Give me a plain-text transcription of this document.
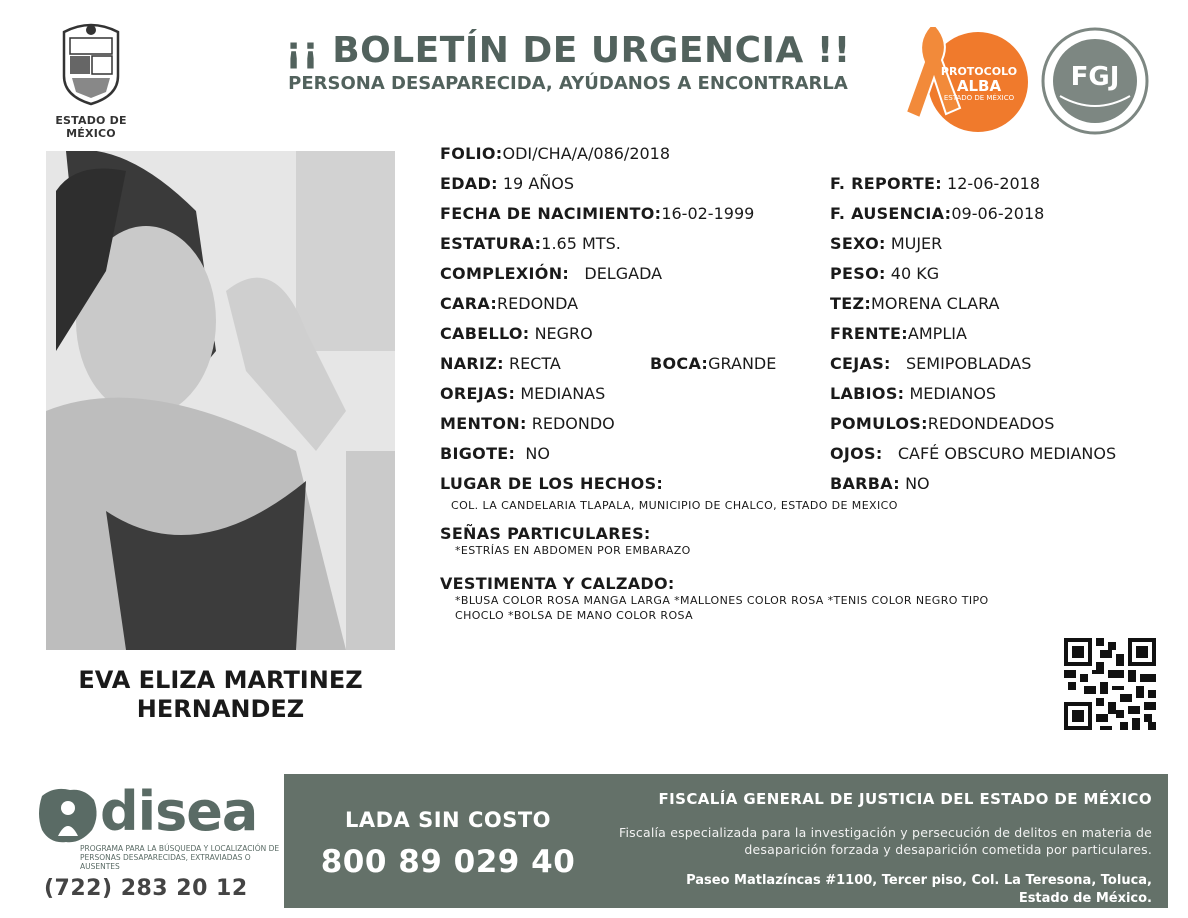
ESTADO DE MÉXICO
¡¡ BOLETÍN DE URGENCIA !!
PERSONA DESAPARECIDA, AYÚDANOS A ENCONTRARLA
PROTOCOLO
ALBA
ESTADO DE MÉXICO
FGJ
EVA ELIZA MARTINEZ HERNANDEZ
FOLIO:ODI/CHA/A/086/2018
EDAD: 19 AÑOS
FECHA DE NACIMIENTO:16-02-1999
ESTATURA:1.65 MTS.
COMPLEXIÓN: DELGADA
CARA:REDONDA
CABELLO: NEGRO
NARIZ: RECTA	BOCA:GRANDE
OREJAS: MEDIANAS
MENTON: REDONDO
BIGOTE: NO
LUGAR DE LOS HECHOS:
COL. LA CANDELARIA TLAPALA, MUNICIPIO DE CHALCO, ESTADO DE MEXICO
F. REPORTE: 12-06-2018
F. AUSENCIA:09-06-2018
SEXO: MUJER
PESO: 40 KG
TEZ:MORENA CLARA
FRENTE:AMPLIA
CEJAS: SEMIPOBLADAS
LABIOS: MEDIANOS
POMULOS:REDONDEADOS
OJOS: CAFÉ OBSCURO MEDIANOS
BARBA: NO
SEÑAS PARTICULARES:
*ESTRÍAS EN ABDOMEN POR EMBARAZO
VESTIMENTA Y CALZADO:
*BLUSA COLOR ROSA MANGA LARGA *MALLONES COLOR ROSA *TENIS COLOR NEGRO TIPO
CHOCLO *BOLSA DE MANO COLOR ROSA
disea
PROGRAMA PARA LA BÚSQUEDA Y LOCALIZACIÓN DE PERSONAS DESAPARECIDAS, EXTRAVIADAS O AUSENTES
(722) 283 20 12
LADA SIN COSTO
800 89 029 40
FISCALÍA GENERAL DE JUSTICIA DEL ESTADO DE MÉXICO
Fiscalía especializada para la investigación y persecución de delitos en materia de desaparición forzada y desaparición cometida por particulares.
Paseo Matlazíncas #1100, Tercer piso, Col. La Teresona, Toluca, Estado de México.
